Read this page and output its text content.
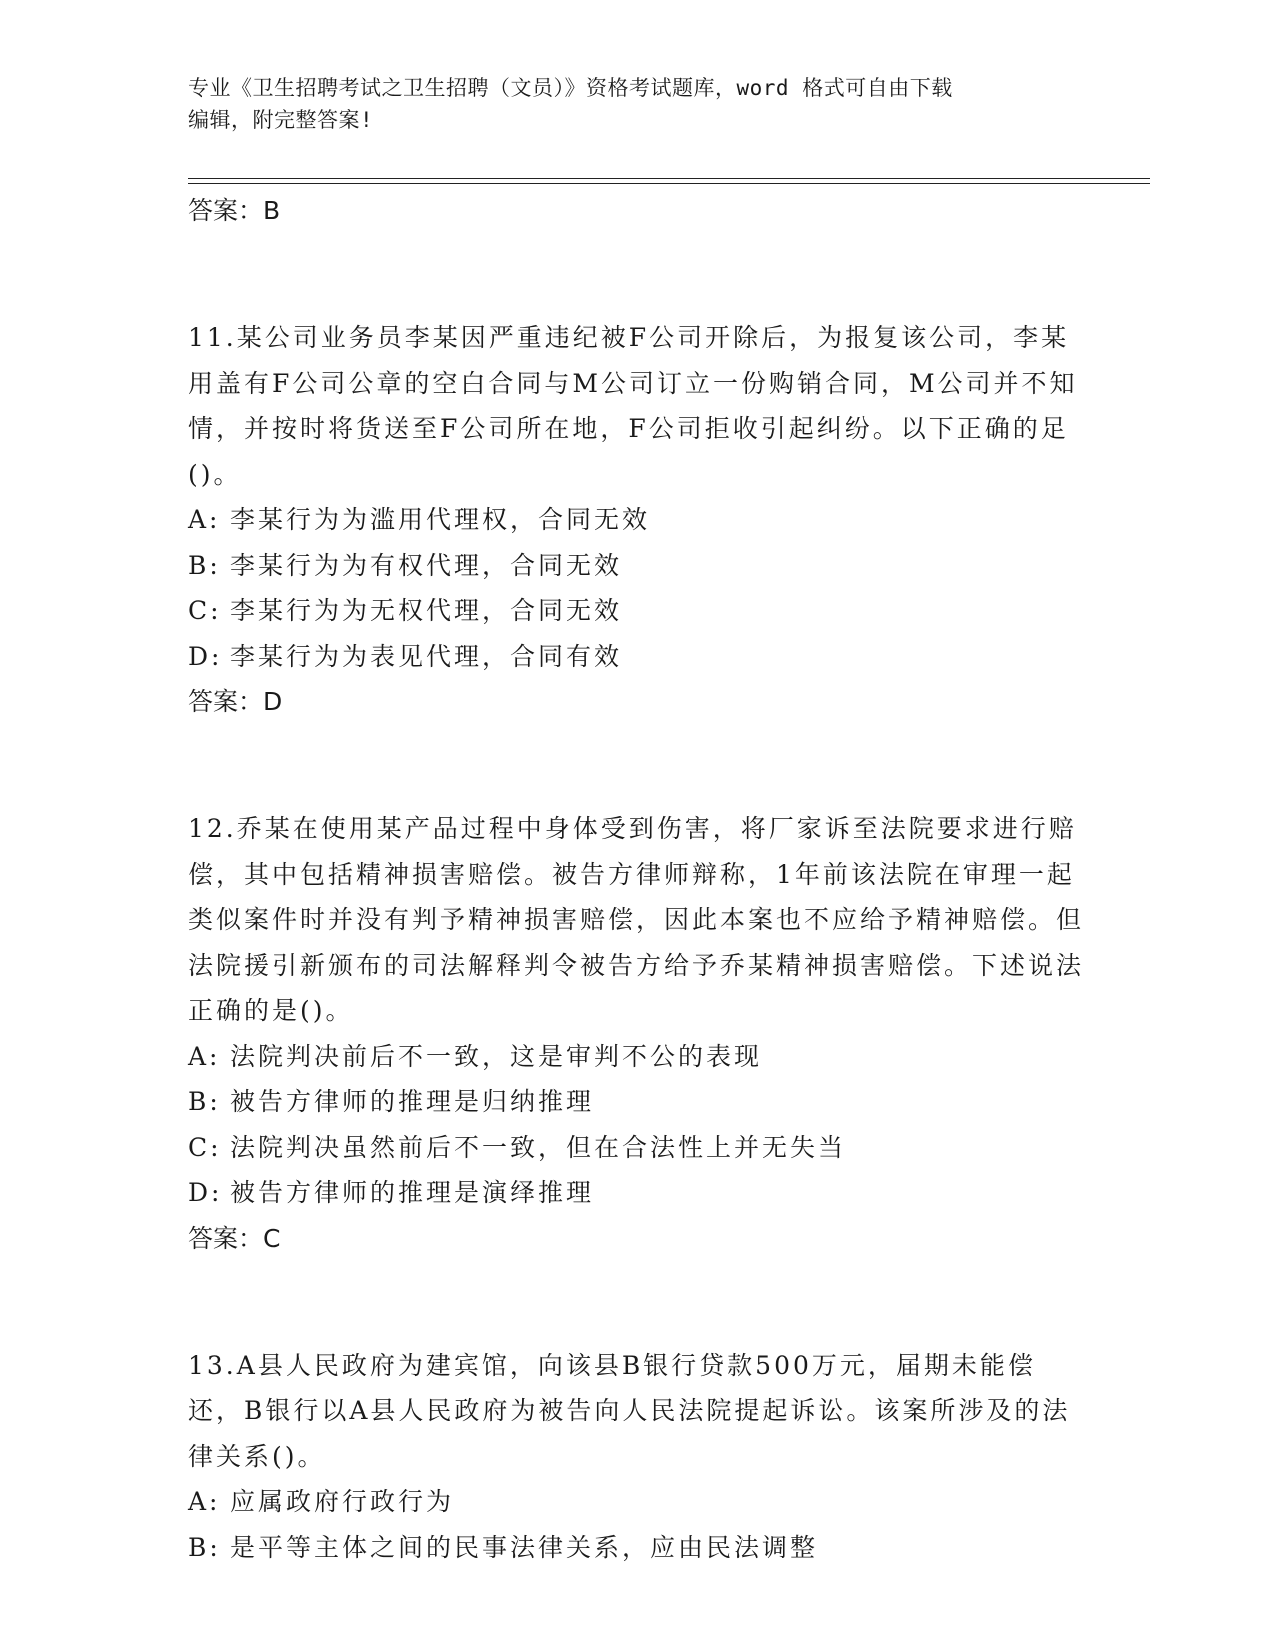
专业《卫生招聘考试之卫生招聘（文员）》资格考试题库，word 格式可自由下载
编辑，附完整答案!

答案：B

11.某公司业务员李某因严重违纪被F公司开除后，为报复该公司，李某用盖有F公司公章的空白合同与M公司订立一份购销合同，M公司并不知情，并按时将货送至F公司所在地，F公司拒收引起纠纷。以下正确的足()。

A: 李某行为为滥用代理权，合同无效
B: 李某行为为有权代理，合同无效
C: 李某行为为无权代理，合同无效
D: 李某行为为表见代理，合同有效

答案：D

12.乔某在使用某产品过程中身体受到伤害，将厂家诉至法院要求进行赔偿，其中包括精神损害赔偿。被告方律师辩称，1年前该法院在审理一起类似案件时并没有判予精神损害赔偿，因此本案也不应给予精神赔偿。但法院援引新颁布的司法解释判令被告方给予乔某精神损害赔偿。下述说法正确的是()。

A: 法院判决前后不一致，这是审判不公的表现
B: 被告方律师的推理是归纳推理
C: 法院判决虽然前后不一致，但在合法性上并无失当
D: 被告方律师的推理是演绎推理

答案：C

13.A县人民政府为建宾馆，向该县B银行贷款500万元，届期未能偿还，B银行以A县人民政府为被告向人民法院提起诉讼。该案所涉及的法律关系()。

A: 应属政府行政行为
B: 是平等主体之间的民事法律关系，应由民法调整
